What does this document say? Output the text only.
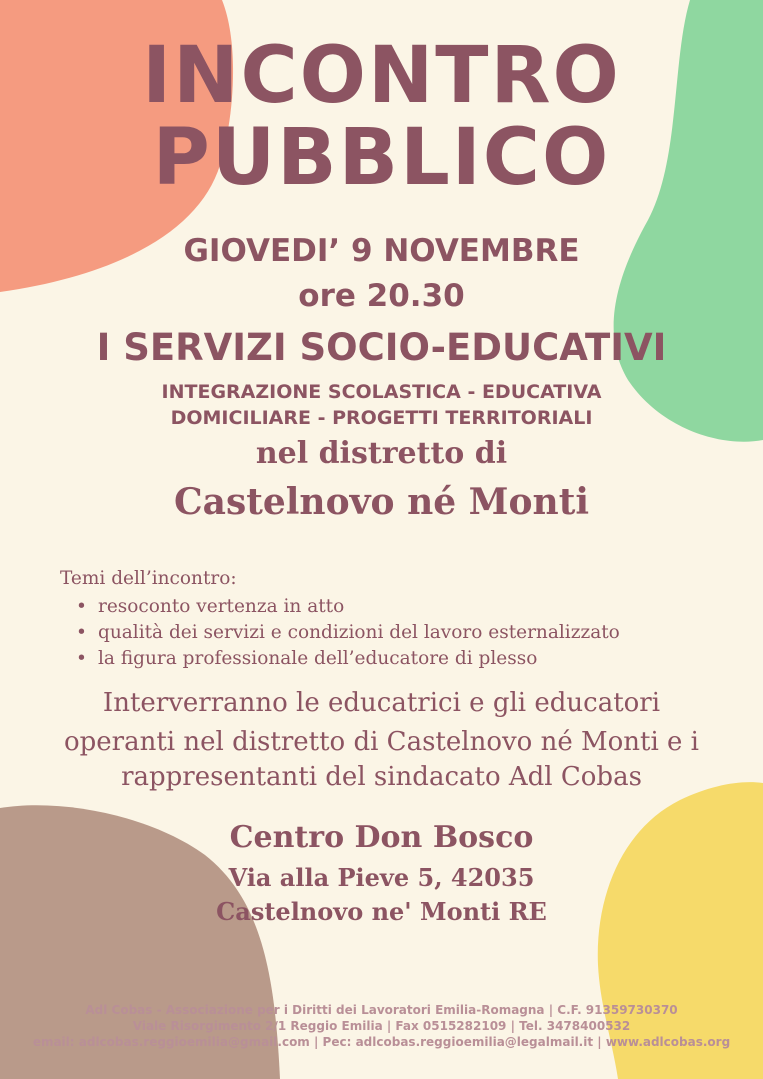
INCONTRO
PUBBLICO
GIOVEDI’ 9 NOVEMBRE
ore 20.30
I SERVIZI SOCIO-EDUCATIVI
INTEGRAZIONE SCOLASTICA - EDUCATIVA
DOMICILIARE - PROGETTI TERRITORIALI
nel distretto di
Castelnovo né Monti
Temi dell’incontro:
• resoconto vertenza in atto
• qualità dei servizi e condizioni del lavoro esternalizzato
• la figura professionale dell’educatore di plesso
Interverranno le educatrici e gli educatori
operanti nel distretto di Castelnovo né Monti e i
rappresentanti del sindacato Adl Cobas
Centro Don Bosco
Via alla Pieve 5, 42035
Castelnovo ne' Monti RE
Adl Cobas - Associazione per i Diritti dei Lavoratori Emilia-Romagna | C.F. 91359730370
Viale Risorgimento 2/1 Reggio Emilia | Fax 0515282109 | Tel. 3478400532
email: adlcobas.reggioemilia@gmail.com | Pec: adlcobas.reggioemilia@legalmail.it | www.adlcobas.org
